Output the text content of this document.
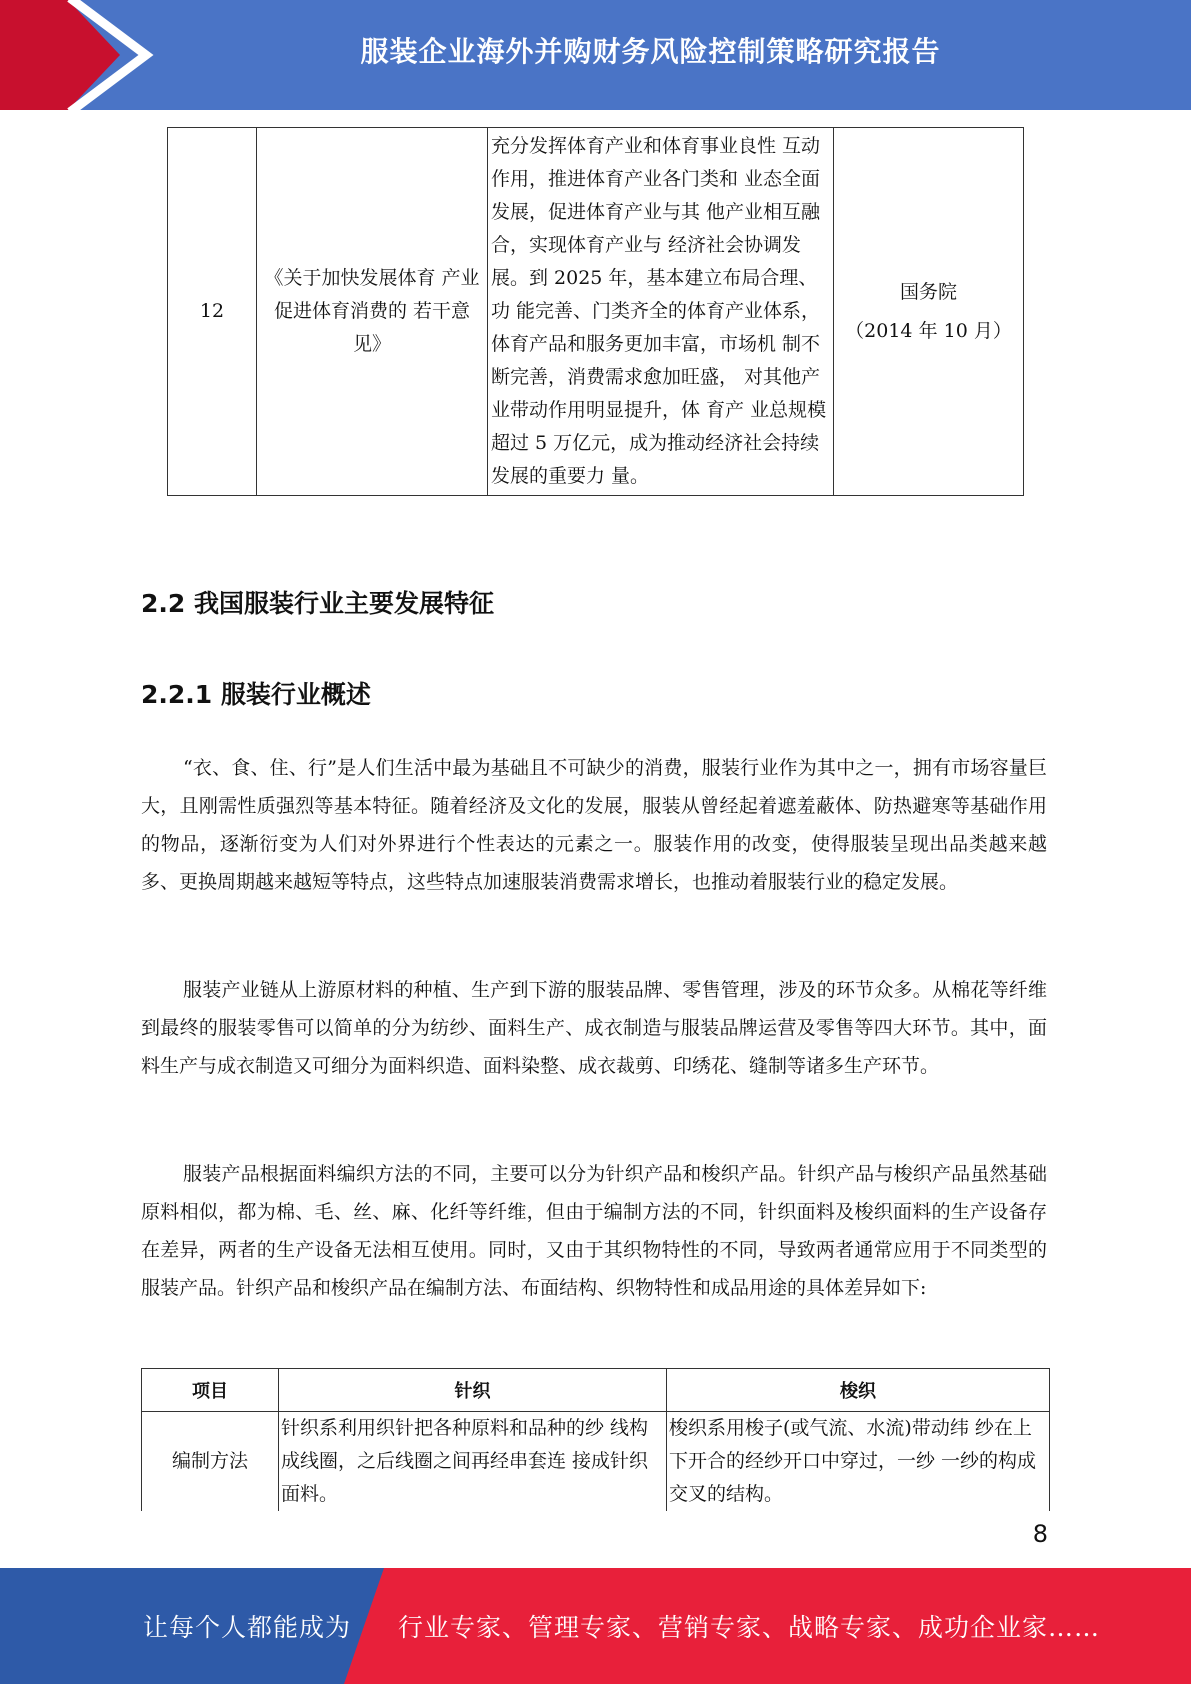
服装企业海外并购财务风险控制策略研究报告
12	《关于加快发展体育 产业促进体育消费的 若干意见》	充分发挥体育产业和体育事业良性 互动作用，推进体育产业各门类和 业态全面发展，促进体育产业与其 他产业相互融合，实现体育产业与 经济社会协调发展。到 2025 年，基本建立布局合理、功 能完善、门类齐全的体育产业体系， 体育产品和服务更加丰富，市场机 制不断完善，消费需求愈加旺盛， 对其他产业带动作用明显提升，体 育产 业总规模超过 5 万亿元，成为推动经济社会持续发展的重要力 量。	国务院
（2014 年 10 月）
2.2 我国服装行业主要发展特征
2.2.1 服装行业概述

“衣、食、住、行”是人们生活中最为基础且不可缺少的消费，服装行业作为其中之一，拥有市场容量巨大，且刚需性质强烈等基本特征。随着经济及文化的发展，服装从曾经起着遮羞蔽体、防热避寒等基础作用的物品，逐渐衍变为人们对外界进行个性表达的元素之一。服装作用的改变，使得服装呈现出品类越来越多、更换周期越来越短等特点，这些特点加速服装消费需求增长，也推动着服装行业的稳定发展。

服装产业链从上游原材料的种植、生产到下游的服装品牌、零售管理，涉及的环节众多。从棉花等纤维到最终的服装零售可以简单的分为纺纱、面料生产、成衣制造与服装品牌运营及零售等四大环节。其中，面料生产与成衣制造又可细分为面料织造、面料染整、成衣裁剪、印绣花、缝制等诸多生产环节。

服装产品根据面料编织方法的不同，主要可以分为针织产品和梭织产品。针织产品与梭织产品虽然基础原料相似，都为棉、毛、丝、麻、化纤等纤维，但由于编制方法的不同，针织面料及梭织面料的生产设备存在差异，两者的生产设备无法相互使用。同时，又由于其织物特性的不同，导致两者通常应用于不同类型的服装产品。针织产品和梭织产品在编制方法、布面结构、织物特性和成品用途的具体差异如下:

项目	针织	梭织
编制方法	针织系利用织针把各种原料和品种的纱 线构成线圈，之后线圈之间再经串套连 接成针织面料。	梭织系用梭子(或气流、水流)带动纬 纱在上下开合的经纱开口中穿过，一纱 一纱的构成交叉的结构。
8
让每个人都能成为 行业专家、管理专家、营销专家、战略专家、成功企业家……
